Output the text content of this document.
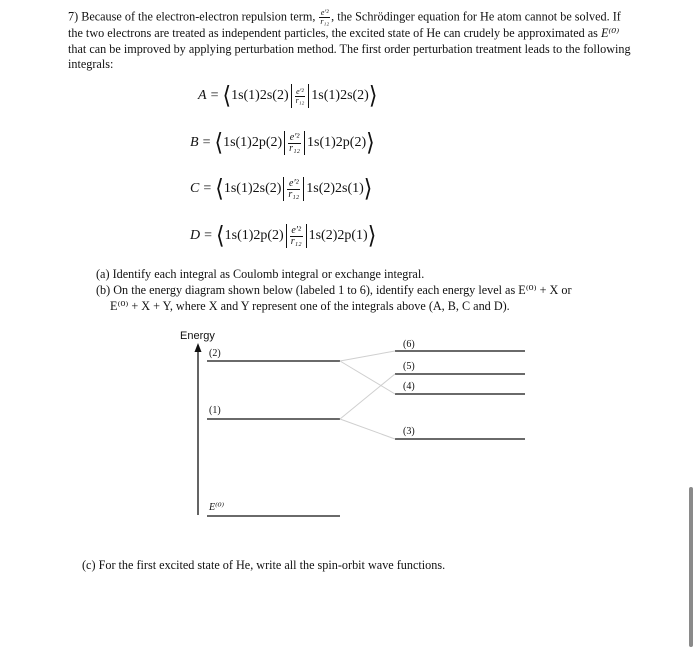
7) Because of the electron-electron repulsion term, $\frac{\text{e′²}}{\text{r₁₂}}$ , the Schrödinger equation for He atom cannot be solved. If the two electrons are treated as independent particles, the excited state of He can crudely be approximated as E⁽⁰⁾ that can be improved by applying perturbation method. The first order perturbation treatment leads to the following integrals:

A = ⟨ $1s(1)2s(2) \frac{\text{e′²}}{\text{r₁₂}} 1s(1)2s(2)$ ⟩
B = ⟨ $1s(1)2p(2) \frac{\text{e′²}}{\text{r₁₂}} 1s(1)2p(2)$ ⟩
C = ⟨ $1s(1)2s(2) \frac{\text{e′²}}{\text{r₁₂}} 1s(2)2s(1)$ ⟩
D = ⟨ $1s(1)2p(2) \frac{\text{e′²}}{\text{r₁₂}} 1s(2)2p(1)$ ⟩

(a) Identify each integral as Coulomb integral or exchange integral.

(b) On the energy diagram shown below (labeled 1 to 6), identify each energy level as E⁽⁰⁾ + X or

E⁽⁰⁾ + X + Y, where X and Y represent one of the integrals above (A, B, C and D).

Energy
(2)
(1)
E⁽⁰⁾
(6)
(5)
(4)
(3)
(c) For the first excited state of He, write all the spin-orbit wave functions.
